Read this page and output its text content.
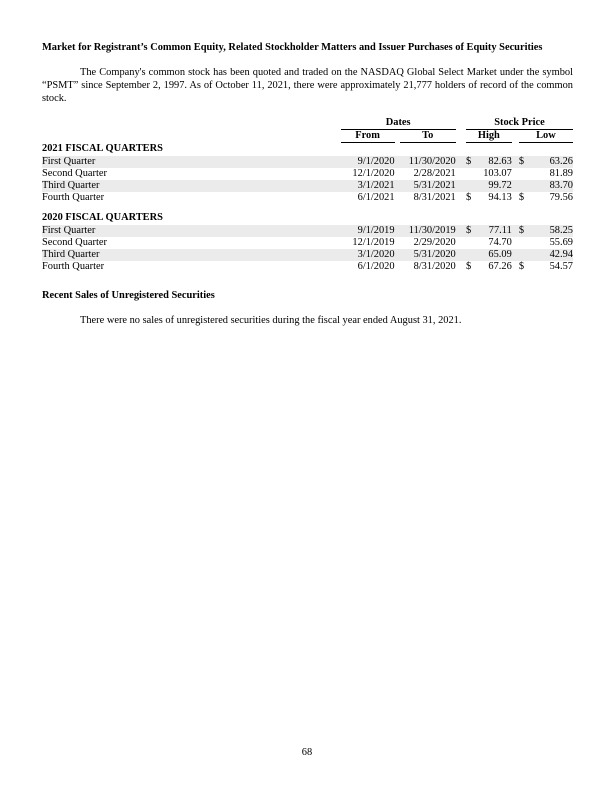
Market for Registrant’s Common Equity, Related Stockholder Matters and Issuer Purchases of Equity Securities

The Company's common stock has been quoted and traded on the NASDAQ Global Select Market under the symbol “PSMT” since September 2, 1997. As of October 11, 2021, there were approximately 21,777 holders of record of the common stock.

	Dates				Stock Price				
	From		To		High			Low	
2021 FISCAL QUARTERS									
First Quarter	9/1/2020		11/30/2020		$	82.63		$	63.26
Second Quarter	12/1/2020		2/28/2021			103.07			81.89
Third Quarter	3/1/2021		5/31/2021			99.72			83.70
Fourth Quarter	6/1/2021		8/31/2021		$	94.13		$	79.56

2020 FISCAL QUARTERS									
First Quarter	9/1/2019		11/30/2019		$	77.11		$	58.25
Second Quarter	12/1/2019		2/29/2020			74.70			55.69
Third Quarter	3/1/2020		5/31/2020			65.09			42.94
Fourth Quarter	6/1/2020		8/31/2020		$	67.26		$	54.57
Recent Sales of Unregistered Securities
There were no sales of unregistered securities during the fiscal year ended August 31, 2021.
68
